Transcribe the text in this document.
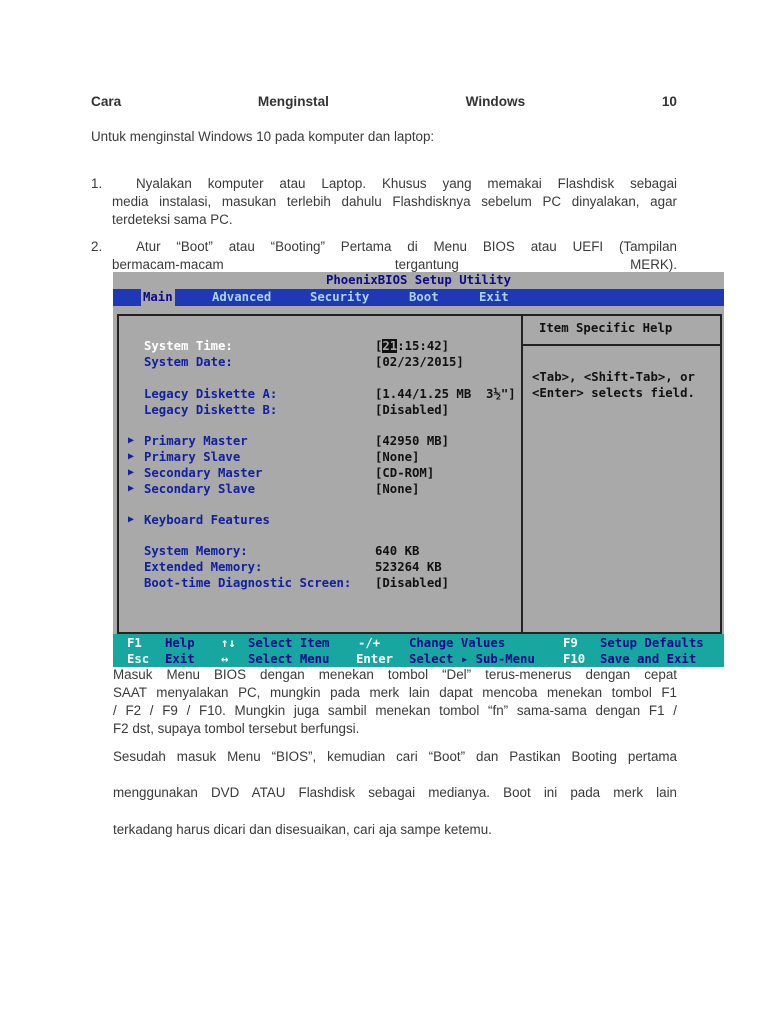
Cara	Menginstal	Windows	10
Untuk menginstal Windows 10 pada komputer dan laptop:
1.	Nyalakan komputer atau Laptop. Khusus yang memakai Flashdisk sebagai
media instalasi, masukan terlebih dahulu Flashdisknya sebelum PC dinyalakan, agar
terdeteksi sama PC.
2.	Atur “Boot” atau “Booting” Pertama di Menu BIOS atau UEFI (Tampilan
bermacam-macam tergantung MERK).
PhoenixBIOS Setup Utility
Main	Advanced	Security	Boot	Exit
System Time:	[21:15:42]
System Date:	[02/23/2015]
Legacy Diskette A:	[1.44/1.25 MB  3½"]
Legacy Diskette B:	[Disabled]
▶ Primary Master	[42950 MB]
▶ Primary Slave	[None]
▶ Secondary Master	[CD-ROM]
▶ Secondary Slave	[None]
▶ Keyboard Features
System Memory:	640 KB
Extended Memory:	523264 KB
Boot-time Diagnostic Screen: [Disabled]
Item Specific Help
<Tab>, <Shift-Tab>, or <Enter> selects field.
F1 Help ↑↓ Select Item -/+ Change Values	F9 Setup Defaults
Esc Exit ↔ Select Menu Enter Select ▸ Sub-Menu F10 Save and Exit
Masuk Menu BIOS dengan menekan tombol “Del” terus-menerus dengan cepat
SAAT menyalakan PC, mungkin pada merk lain dapat mencoba menekan tombol F1
/ F2 / F9 / F10. Mungkin juga sambil menekan tombol “fn” sama-sama dengan F1 /
F2 dst, supaya tombol tersebut berfungsi.
Sesudah masuk Menu “BIOS”, kemudian cari “Boot” dan Pastikan Booting pertama
menggunakan DVD ATAU Flashdisk sebagai medianya. Boot ini pada merk lain
terkadang harus dicari dan disesuaikan, cari aja sampe ketemu.
